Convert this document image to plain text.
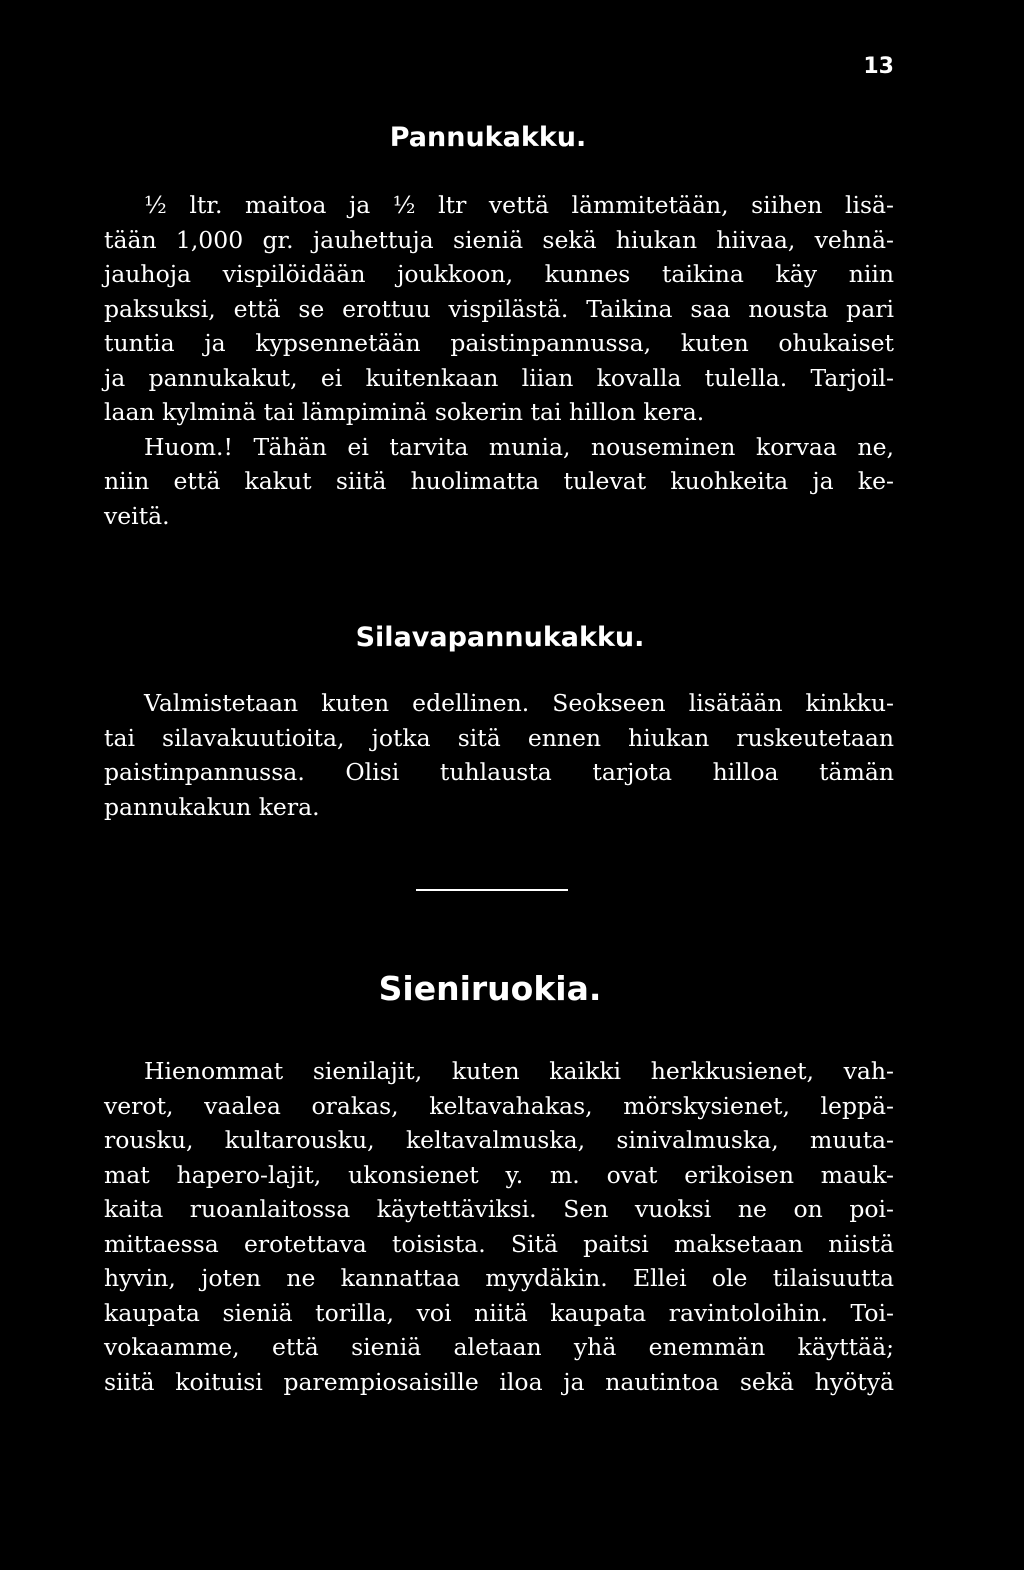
13
Pannukakku.
½ ltr. maitoa ja ½ ltr vettä lämmitetään, siihen lisä-
tään 1,000 gr. jauhettuja sieniä sekä hiukan hiivaa, vehnä-
jauhoja vispilöidään joukkoon, kunnes taikina käy niin
paksuksi, että se erottuu vispilästä. Taikina saa nousta pari
tuntia ja kypsennetään paistinpannussa, kuten ohukaiset
ja pannukakut, ei kuitenkaan liian kovalla tulella. Tarjoil-
laan kylminä tai lämpiminä sokerin tai hillon kera.
Huom.! Tähän ei tarvita munia, nouseminen korvaa ne,
niin että kakut siitä huolimatta tulevat kuohkeita ja ke-
veitä.
Silavapannukakku.
Valmistetaan kuten edellinen. Seokseen lisätään kinkku-
tai silavakuutioita, jotka sitä ennen hiukan ruskeutetaan
paistinpannussa. Olisi tuhlausta tarjota hilloa tämän
pannukakun kera.
Sieniruokia.
Hienommat sienilajit, kuten kaikki herkkusienet, vah-
verot, vaalea orakas, keltavahakas, mörskysienet, leppä-
rousku, kultarousku, keltavalmuska, sinivalmuska, muuta-
mat hapero-lajit, ukonsienet y. m. ovat erikoisen mauk-
kaita ruoanlaitossa käytettäviksi. Sen vuoksi ne on poi-
mittaessa erotettava toisista. Sitä paitsi maksetaan niistä
hyvin, joten ne kannattaa myydäkin. Ellei ole tilaisuutta
kaupata sieniä torilla, voi niitä kaupata ravintoloihin. Toi-
vokaamme, että sieniä aletaan yhä enemmän käyttää;
siitä koituisi parempiosaisille iloa ja nautintoa sekä hyötyä
